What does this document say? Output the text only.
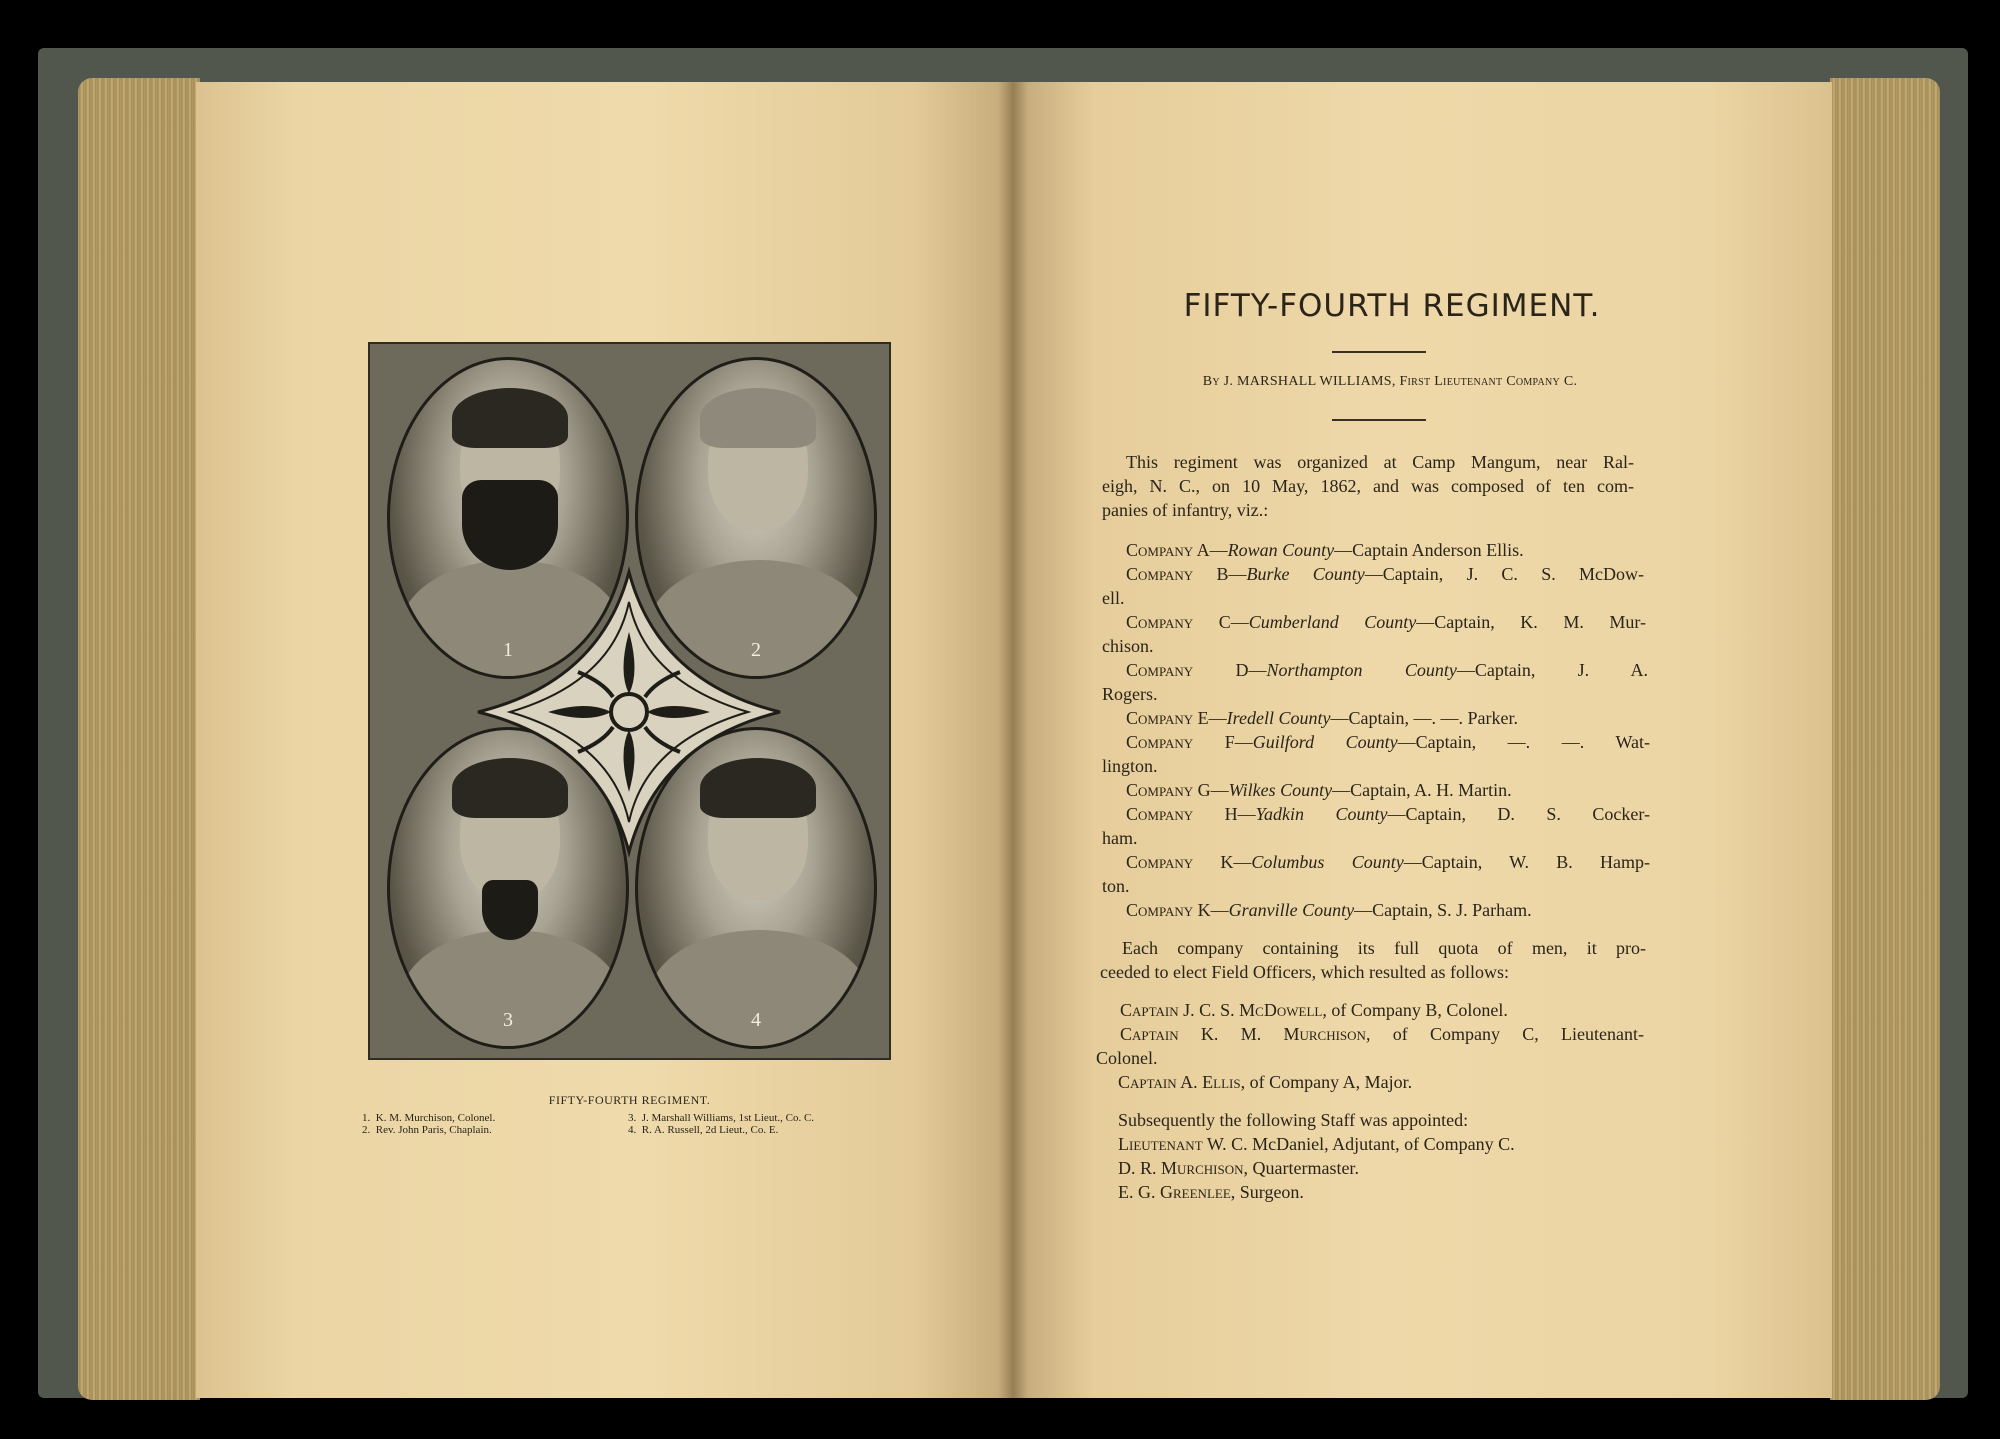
1	2
3	4
FIFTY-FOURTH REGIMENT.
1. K. M. Murchison, Colonel.
2. Rev. John Paris, Chaplain.
3. J. Marshall Williams, 1st Lieut., Co. C.
4. R. A. Russell, 2d Lieut., Co. E.
FIFTY-FOURTH REGIMENT.
By J. MARSHALL WILLIAMS, First Lieutenant Company C.
This regiment was organized at Camp Mangum, near Ral-
eigh, N. C., on 10 May, 1862, and was composed of ten com-
panies of infantry, viz.:
Company A—Rowan County—Captain Anderson Ellis.
Company B—Burke County—Captain, J. C. S. McDow-
ell.
Company C—Cumberland County—Captain, K. M. Mur-
chison.
Company D—Northampton County—Captain, J. A.
Rogers.
Company E—Iredell County—Captain, —. —. Parker.
Company F—Guilford County—Captain, —. —. Wat-
lington.
Company G—Wilkes County—Captain, A. H. Martin.
Company H—Yadkin County—Captain, D. S. Cocker-
ham.
Company K—Columbus County—Captain, W. B. Hamp-
ton.
Company K—Granville County—Captain, S. J. Parham.
Each company containing its full quota of men, it pro-
ceeded to elect Field Officers, which resulted as follows:
Captain J. C. S. McDowell, of Company B, Colonel.
Captain K. M. Murchison, of Company C, Lieutenant-
Colonel.
Captain A. Ellis, of Company A, Major.
Subsequently the following Staff was appointed:
Lieutenant W. C. McDaniel, Adjutant, of Company C.
D. R. Murchison, Quartermaster.
E. G. Greenlee, Surgeon.
